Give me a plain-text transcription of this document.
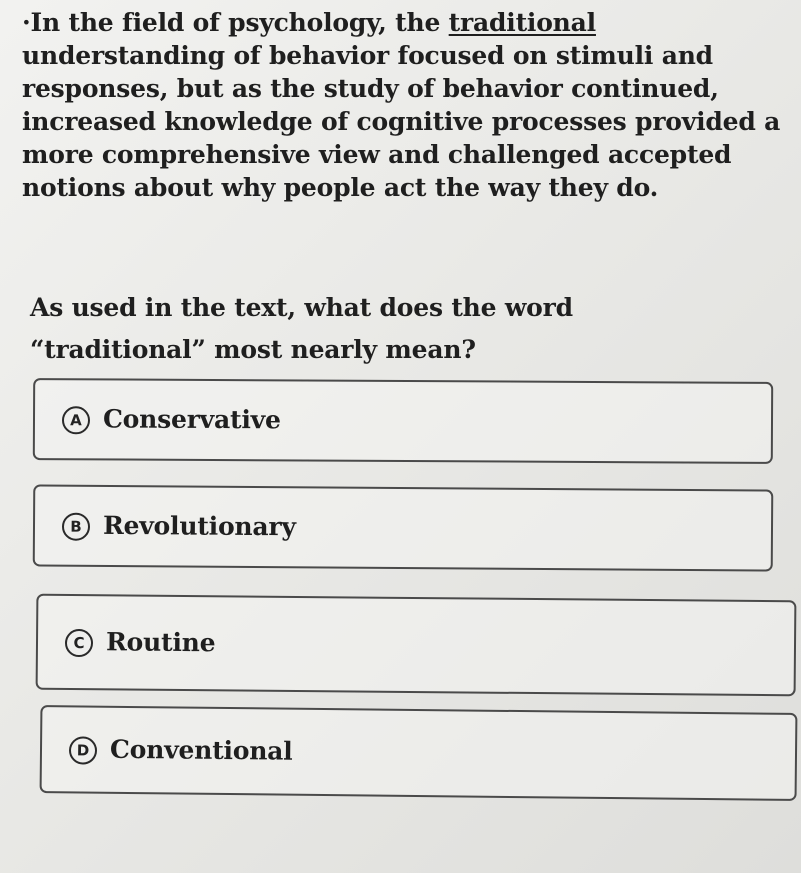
·In the field of psychology, the traditional understanding of behavior focused on stimuli and responses, but as the study of behavior continued, increased knowledge of cognitive processes provided a more comprehensive view and challenged accepted notions about why people act the way they do.
As used in the text, what does the word “traditional” most nearly mean?
A Conservative
B Revolutionary
C Routine
D Conventional
